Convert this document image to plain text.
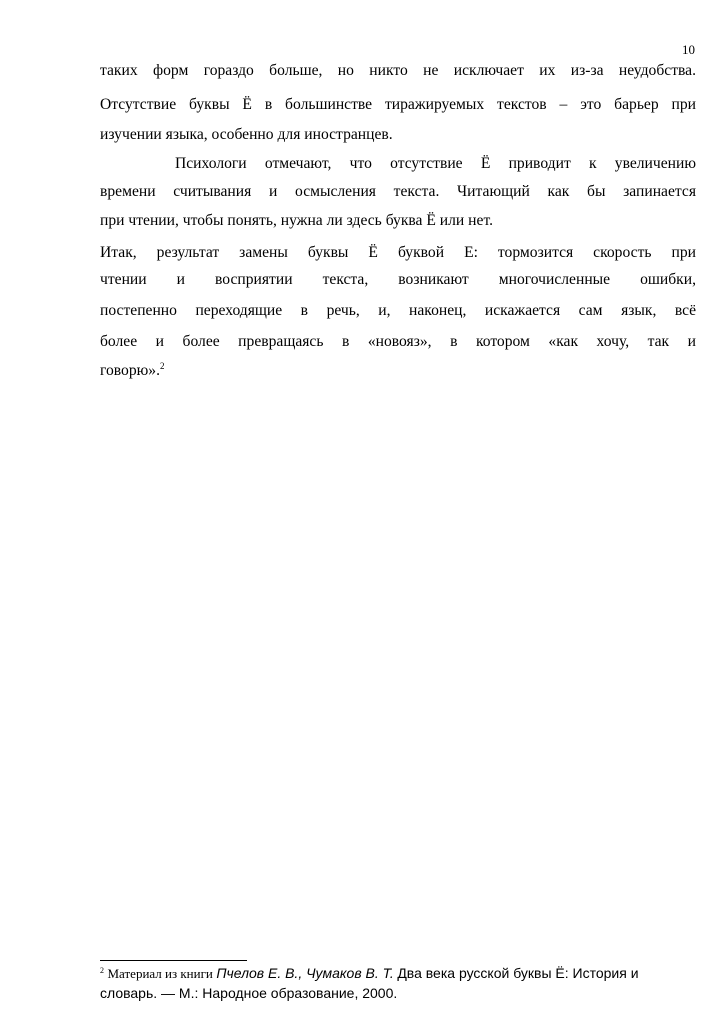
10
таких форм гораздо больше, но никто не исключает их из-за неудобства.
Отсутствие буквы Ё в большинстве тиражируемых текстов – это барьер при
изучении языка, особенно для иностранцев.
Психологи отмечают, что отсутствие Ё приводит к увеличению
времени считывания и осмысления текста. Читающий как бы запинается
при чтении, чтобы понять, нужна ли здесь буква Ё или нет.
Итак, результат замены буквы Ё буквой Е: тормозится скорость при
чтении и восприятии текста, возникают многочисленные ошибки,
постепенно переходящие в речь, и, наконец, искажается сам язык, всё
более и более превращаясь в «новояз», в котором «как хочу, так и
говорю».$^2$
$^2$ Материал из книги Пчелов Е. В., Чумаков В. Т. Два века русской буквы Ё: История и
словарь. — М.: Народное образование, 2000.
